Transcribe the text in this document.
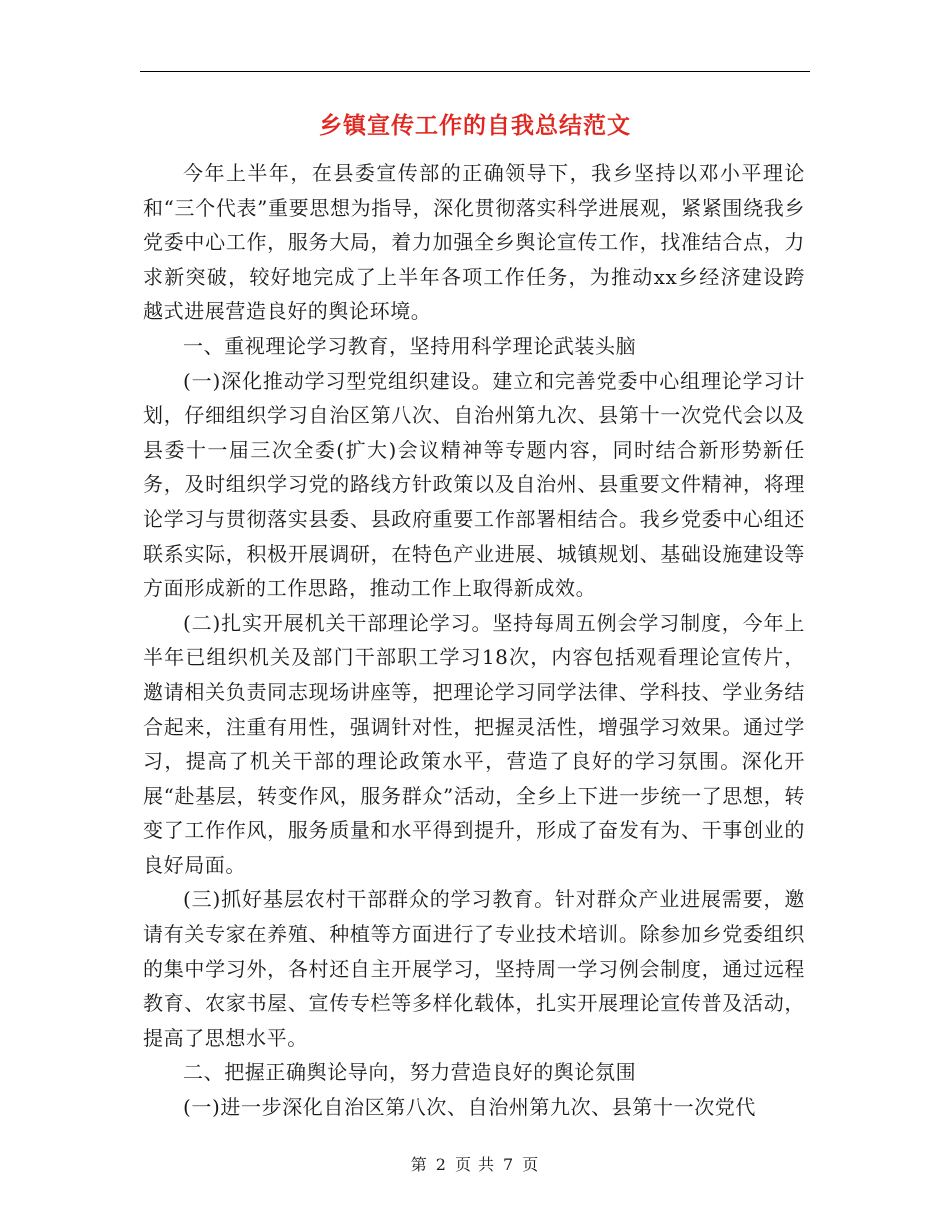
乡镇宣传工作的自我总结范文

今年上半年，在县委宣传部的正确领导下，我乡坚持以邓小平理论和“三个代表”重要思想为指导，深化贯彻落实科学进展观，紧紧围绕我乡党委中心工作，服务大局，着力加强全乡舆论宣传工作，找准结合点，力求新突破，较好地完成了上半年各项工作任务，为推动xx乡经济建设跨越式进展营造良好的舆论环境。

一、重视理论学习教育，坚持用科学理论武装头脑

(一)深化推动学习型党组织建设。建立和完善党委中心组理论学习计划，仔细组织学习自治区第八次、自治州第九次、县第十一次党代会以及县委十一届三次全委(扩大)会议精神等专题内容，同时结合新形势新任务，及时组织学习党的路线方针政策以及自治州、县重要文件精神，将理论学习与贯彻落实县委、县政府重要工作部署相结合。我乡党委中心组还联系实际，积极开展调研，在特色产业进展、城镇规划、基础设施建设等方面形成新的工作思路，推动工作上取得新成效。

(二)扎实开展机关干部理论学习。坚持每周五例会学习制度，今年上半年已组织机关及部门干部职工学习18次，内容包括观看理论宣传片，邀请相关负责同志现场讲座等，把理论学习同学法律、学科技、学业务结合起来，注重有用性，强调针对性，把握灵活性，增强学习效果。通过学习，提高了机关干部的理论政策水平，营造了良好的学习氛围。深化开展“赴基层，转变作风，服务群众”活动，全乡上下进一步统一了思想，转变了工作作风，服务质量和水平得到提升，形成了奋发有为、干事创业的良好局面。

(三)抓好基层农村干部群众的学习教育。针对群众产业进展需要，邀请有关专家在养殖、种植等方面进行了专业技术培训。除参加乡党委组织的集中学习外，各村还自主开展学习，坚持周一学习例会制度，通过远程教育、农家书屋、宣传专栏等多样化载体，扎实开展理论宣传普及活动，提高了思想水平。

二、把握正确舆论导向，努力营造良好的舆论氛围

(一)进一步深化自治区第八次、自治州第九次、县第十一次党代

第 2 页 共 7 页
